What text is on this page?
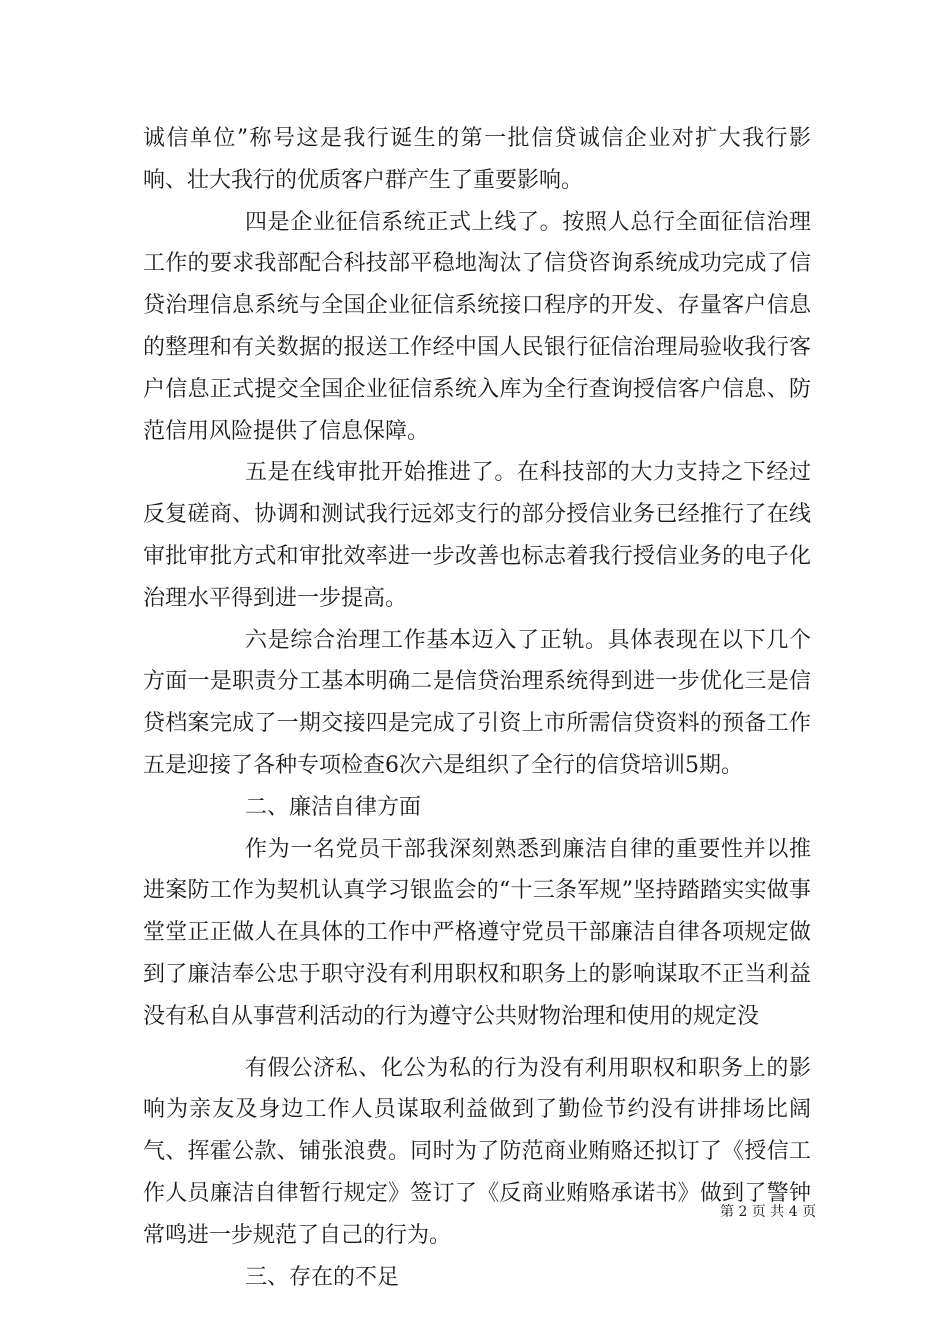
诚信单位”称号这是我行诞生的第一批信贷诚信企业对扩大我行影响、壮大我行的优质客户群产生了重要影响。

四是企业征信系统正式上线了。按照人总行全面征信治理工作的要求我部配合科技部平稳地淘汰了信贷咨询系统成功完成了信贷治理信息系统与全国企业征信系统接口程序的开发、存量客户信息的整理和有关数据的报送工作经中国人民银行征信治理局验收我行客户信息正式提交全国企业征信系统入库为全行查询授信客户信息、防范信用风险提供了信息保障。

五是在线审批开始推进了。在科技部的大力支持之下经过反复磋商、协调和测试我行远郊支行的部分授信业务已经推行了在线审批审批方式和审批效率进一步改善也标志着我行授信业务的电子化治理水平得到进一步提高。

六是综合治理工作基本迈入了正轨。具体表现在以下几个方面一是职责分工基本明确二是信贷治理系统得到进一步优化三是信贷档案完成了一期交接四是完成了引资上市所需信贷资料的预备工作五是迎接了各种专项检查6次六是组织了全行的信贷培训5期。

二、廉洁自律方面

作为一名党员干部我深刻熟悉到廉洁自律的重要性并以推进案防工作为契机认真学习银监会的“十三条军规”坚持踏踏实实做事堂堂正正做人在具体的工作中严格遵守党员干部廉洁自律各项规定做到了廉洁奉公忠于职守没有利用职权和职务上的影响谋取不正当利益没有私自从事营利活动的行为遵守公共财物治理和使用的规定没

有假公济私、化公为私的行为没有利用职权和职务上的影响为亲友及身边工作人员谋取利益做到了勤俭节约没有讲排场比阔气、挥霍公款、铺张浪费。同时为了防范商业贿赂还拟订了《授信工作人员廉洁自律暂行规定》签订了《反商业贿赂承诺书》做到了警钟常鸣进一步规范了自己的行为。

三、存在的不足

第 2 页 共 4 页
